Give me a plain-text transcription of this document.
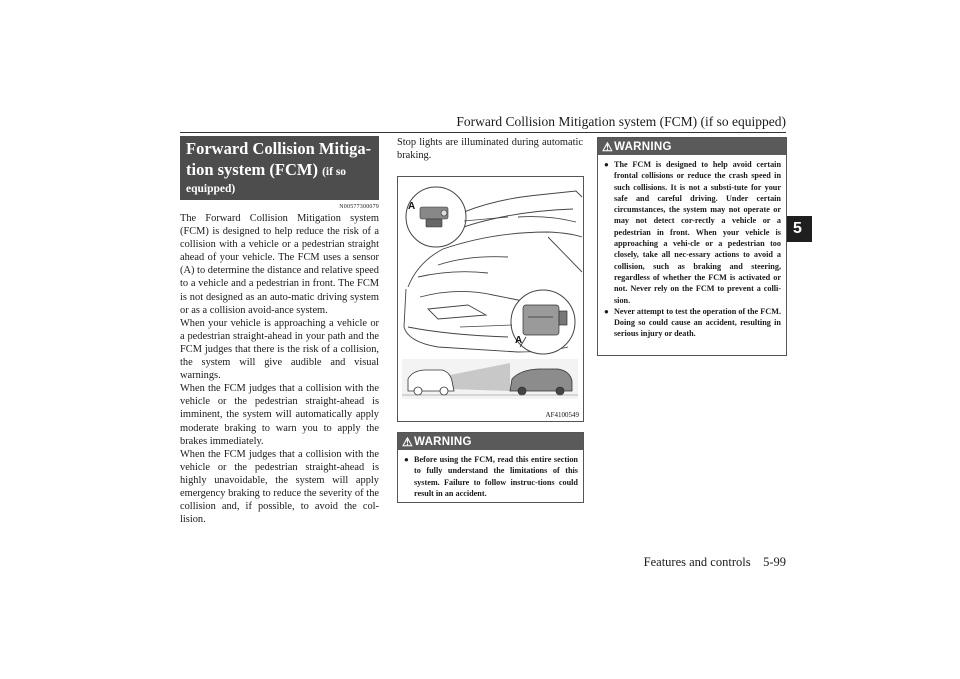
Forward Collision Mitigation system (FCM) (if so equipped)
5
Forward Collision Mitiga-
tion system (FCM) (if so
equipped)
N00577300079

The Forward Collision Mitigation system (FCM) is designed to help reduce the risk of a collision with a vehicle or a pedestrian straight ahead of your vehicle. The FCM uses a sensor (A) to determine the distance and relative speed to a vehicle and a pedestrian in front. The FCM is not designed as an auto-matic driving system or as a collision avoid-ance system.

When your vehicle is approaching a vehicle or a pedestrian straight-ahead in your path and the FCM judges that there is the risk of a collision, the system will give audible and visual warnings.

When the FCM judges that a collision with the vehicle or the pedestrian straight-ahead is imminent, the system will automatically apply moderate braking to warn you to apply the brakes immediately.

When the FCM judges that a collision with the vehicle or the pedestrian straight-ahead is highly unavoidable, the system will apply emergency braking to reduce the severity of the collision and, if possible, to avoid the col-lision.

Stop lights are illuminated during automatic braking.

A
A
AF4100549
⚠ WARNING
● Before using the FCM, read this entire section to fully understand the limitations of this system. Failure to follow instruc-tions could result in an accident.
⚠ WARNING
● The FCM is designed to help avoid certain frontal collisions or reduce the crash speed in such collisions. It is not a substi-tute for your safe and careful driving. Under certain circumstances, the system may not operate or may not detect cor-rectly a vehicle or a pedestrian in front. When your vehicle is approaching a vehi-cle or a pedestrian too closely, take all nec-essary actions to avoid a collision, such as braking and steering, regardless of whether the FCM is activated or not. Never rely on the FCM to prevent a colli-sion.
● Never attempt to test the operation of the FCM. Doing so could cause an accident, resulting in serious injury or death.
Features and controls 5-99
